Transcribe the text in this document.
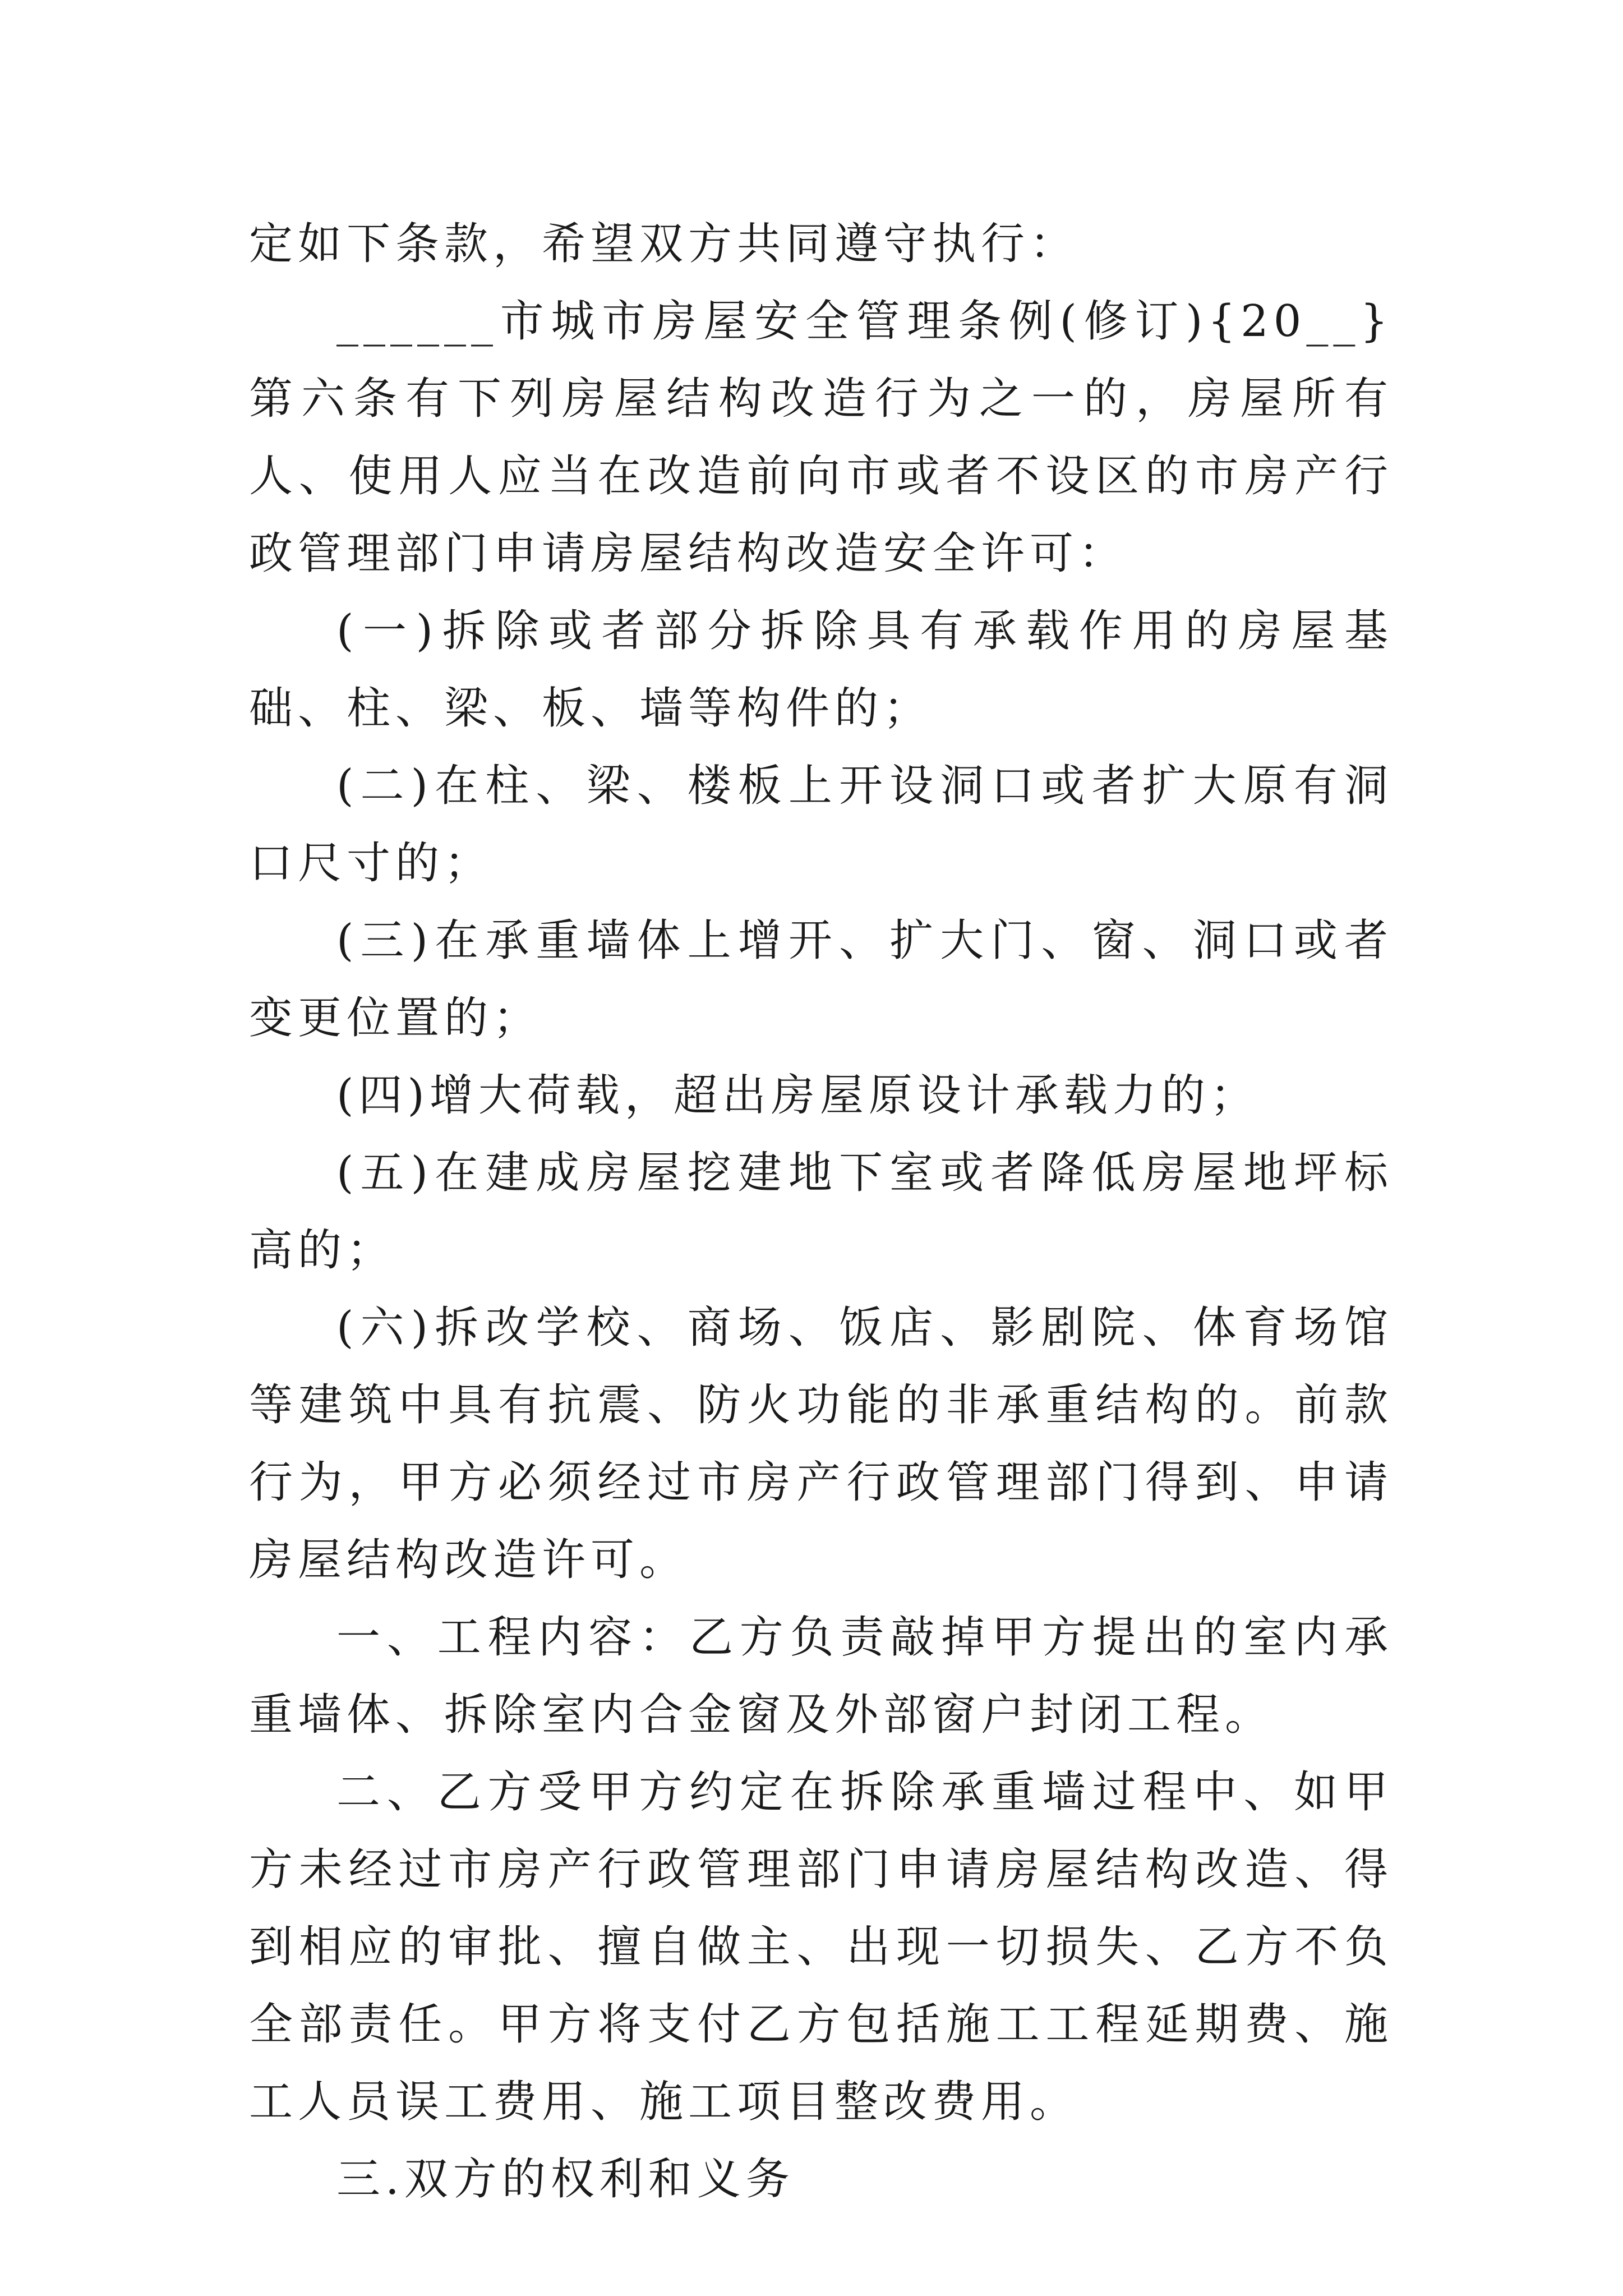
定如下条款，希望双方共同遵守执行：

______市城市房屋安全管理条例(修订){20__}第六条有下列房屋结构改造行为之一的，房屋所有人、使用人应当在改造前向市或者不设区的市房产行政管理部门申请房屋结构改造安全许可：

(一)拆除或者部分拆除具有承载作用的房屋基础、柱、梁、板、墙等构件的；

(二)在柱、梁、楼板上开设洞口或者扩大原有洞口尺寸的；

(三)在承重墙体上增开、扩大门、窗、洞口或者变更位置的；

(四)增大荷载，超出房屋原设计承载力的；

(五)在建成房屋挖建地下室或者降低房屋地坪标高的；

(六)拆改学校、商场、饭店、影剧院、体育场馆等建筑中具有抗震、防火功能的非承重结构的。前款行为，甲方必须经过市房产行政管理部门得到、申请房屋结构改造许可。

一、工程内容：乙方负责敲掉甲方提出的室内承重墙体、拆除室内合金窗及外部窗户封闭工程。

二、乙方受甲方约定在拆除承重墙过程中、如甲方未经过市房产行政管理部门申请房屋结构改造、得到相应的审批、擅自做主、出现一切损失、乙方不负全部责任。甲方将支付乙方包括施工工程延期费、施工人员误工费用、施工项目整改费用。

三.双方的权利和义务
